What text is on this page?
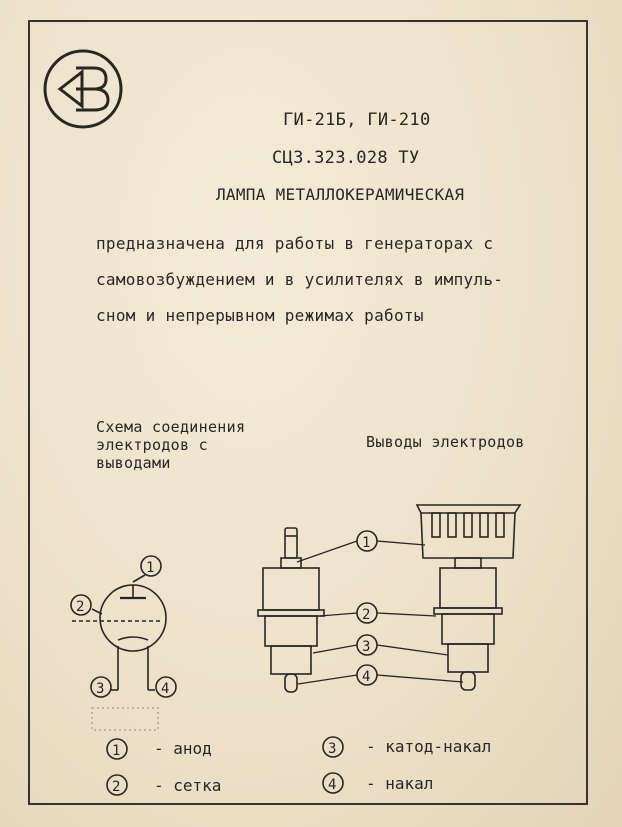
ГИ-21Б, ГИ-210
СЦ3.323.028 ТУ
ЛАМПА МЕТАЛЛОКЕРАМИЧЕСКАЯ
предназначена для работы в генераторах с
самовозбуждением и в усилителях в импуль-
сном и непрерывном режимах работы
Схема соединения
электродов с
выводами
Выводы электродов
1
2
3	4
1
2
3
4
1
2
3
4
- анод
- сетка
- катод-накал
- накал
